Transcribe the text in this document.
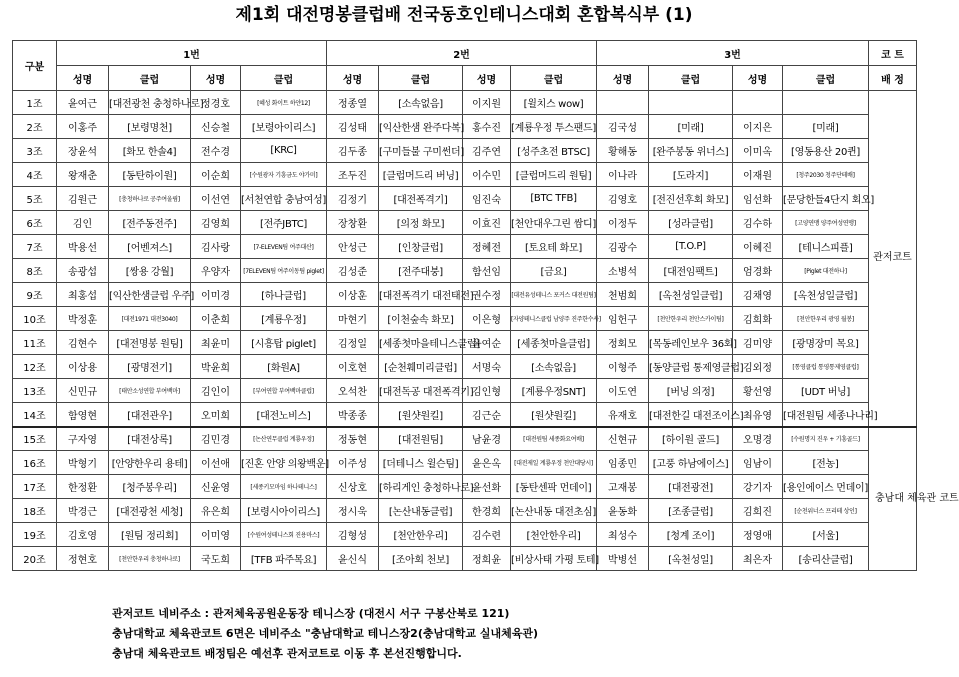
제1회 대전명봉클럽배 전국동호인테니스대회 혼합복식부 (1)
구분	1번				2번				3번				코 트
	성명	클럽	성명	클럽	성명	클럽	성명	클럽	성명	클럽	성명	클럽	배 정
1조	윤여근	[대전광천 충청하나로]	정경호	[혜성 화이트 하얀12]	정종열	[소속없음]	이지원	[윌치스 wow]					관저코트
2조	이홍주	[보령명천]	신승철	[보령아이리스]	김성태	[익산한샘 완주다복]	홍수진	[계룡우정 투스팬드]	김국성	[미래]	이지은	[미래]	
3조	장윤석	[화모 한솔4]	전수경	[KRC]	김두종	[구미들불 구미썬더]	김주연	[성주초전 BTSC]	황해동	[완주봉동 위너스]	이미옥	[영동용산 20퀸]	
4조	왕재춘	[동탄하이원]	이순희	[수원광자 기흥금도 야가미]	조두진	[클럽머드리 버닝]	이수민	[클럽머드리 원팀]	이나라	[도라지]	이재원	[청주2030 청주단테배]	
5조	김원근	[충청하나로 공주여울림]	이선연	[서천연합 충남여성]	김정기	[대전폭격기]	임진숙	[BTC TFB]	김영호	[전진선후회 화모]	임선화	[문당한들4단지 회오]	
6조	김인	[전주동전주]	김영희	[전주JBTC]	장창환	[의정 화모]	이효진	[천안대우그린 쌈디]	이정두	[성라클럽]	김수하	[고양연맹 양주여성연맹]	
7조	박용선	[어벤져스]	김사랑	[7-ELEVEN팀 여주대산]	안성근	[인창클럽]	정혜전	[토요테 화모]	김광수	[T.O.P]	이혜진	[테니스피플]	
8조	송광섭	[쌍용 강월]	우양자	[7ELEVEN팀 여주이동팀 piglet]	김성준	[전주대붕]	함선임	[금요]	소병석	[대전임팩트]	엄경화	[Piglet 대전하나]	
9조	최홍섭	[익산한샘클럽 우주]	이미경	[하나클럽]	이상훈	[대전폭격기 대전태전]	권수정	[대전유성테니스 포커스 대전원팀]	천범희	[옥천성일클럽]	김채영	[옥천성일클럽]	
10조	박정훈	[대전1971 대전3040]	이춘희	[계룡우정]	마현기	[이천숲속 화모]	이은형	[자양테니스클럽 남양주 진주한수사]	임헌구	[천안한우리 천안스카이팀]	김희화	[천안한우리 광영 월봉]	
11조	김현수	[대전명봉 원팀]	최윤미	[시흥탑 piglet]	김정일	[세종첫마을테니스클럽]	윤여순	[세종첫마을클럽]	정회모	[목동레인보우 36회]	김미양	[광명장미 목요]	
12조	이상용	[광명전기]	박윤희	[화원A]	이호현	[순천훼미리클럽]	서명숙	[소속없음]	이형주	[동양클럽 통제영클럽]	김외정	[통영클럽 통영통제영클럽]	
13조	신민규	[태안소성연합 부여백마]	김인이	[부여연합 부여백마클럽]	오석찬	[대전독공 대전폭격기]	김인형	[계룡우정SNT]	이도연	[버닝 의정]	황선영	[UDT 버닝]	
14조	함영현	[대전관우]	오미희	[대전노비스]	박종종	[원샷원킬]	김근순	[원샷원킬]	유재호	[대전한길 대전조이스]	최유영	[대전원팀 세종나나리]	
15조	구자영	[대전상록]	김민경	[논산연무클럽 계룡우정]	정동현	[대전원팀]	남윤경	[대전원팀 세종화요여배]	신현규	[하이원 골드]	오명경	[수원명지 진우 + 기흥골드]	충남대 체육관 코트
16조	박형기	[안양한우리 용테]	이선애	[진혼 안양 의왕백운]	이주성	[더테니스 윌슨팀]	윤은옥	[대전제일 계룡우정 천안대당시]	임종민	[고풍 하남에이스]	임남이	[전농]	
17조	한정환	[청주봉우리]	신윤영	[세종키모마임 하나테니스]	신상호	[하리게인 충청하나로]	윤선화	[동탄센팍 먼데이]	고재봉	[대전광전]	강기자	[용인에이스 먼데이]	
18조	박경근	[대전광천 세청]	유은희	[보령시아이리스]	정시욱	[논산내동클럽]	한경희	[논산내동 대전초심]	윤동화	[조종클럽]	김희진	[순천위너스 프리테 상인]	
19조	김호영	[원팀 정리회]	이미영	[수원여성테니스회 진용마스]	김형성	[천안한우리]	김수련	[천안한우리]	최성수	[청계 조이]	정영애	[서울]	
20조	정현호	[천안한우리 충청하나로]	국도희	[TFB 파주목요]	윤신식	[조아회 천보]	정희윤	[비상사태 가평 토테]	박병선	[옥천성일]	최은자	[송리산클럽]	
관저코트 네비주소 : 관저체육공원운동장 테니스장 (대전시 서구 구봉산북로 121)
충남대학교 체육관코트 6면은 네비주소 "충남대학교 테니스장2(충남대학교 실내체육관)
충남대 체육관코트 배정팀은 예선후 관저코트로 이동 후 본선진행합니다.
